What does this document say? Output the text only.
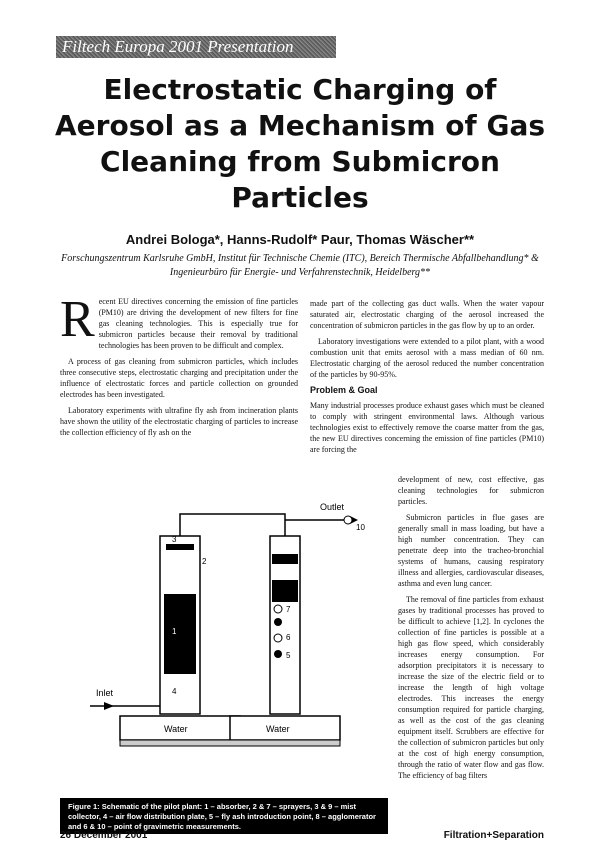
Filtech Europa 2001 Presentation
Electrostatic Charging of Aerosol as a Mechanism of Gas Cleaning from Submicron Particles
Andrei Bologa*, Hanns-Rudolf* Paur, Thomas Wäscher**
Forschungszentrum Karlsruhe GmbH, Institut für Technische Chemie (ITC), Bereich Thermische Abfallbehandlung* & Ingenieurbüro für Energie- und Verfahrenstechnik, Heidelberg**

Recent EU directives concerning the emission of fine particles (PM10) are driving the development of new filters for fine gas cleaning technologies. This is especially true for submicron particles because their removal by traditional technologies has been proven to be difficult and complex.

A process of gas cleaning from submicron particles, which includes three consecutive steps, electrostatic charging and precipitation under the influence of electrostatic forces and particle collection on grounded electrodes has been investigated.

Laboratory experiments with ultrafine fly ash from incineration plants have shown the utility of the electrostatic charging of particles to increase the collection efficiency of fly ash on the

made part of the collecting gas duct walls. When the water vapour saturated air, electrostatic charging of the aerosol increased the concentration of submicron particles in the gas flow by up to an order.

Laboratory investigations were extended to a pilot plant, with a wood combustion unit that emits aerosol with a mass median of 60 nm. Electrostatic charging of the aerosol reduced the number concentration of the particles by 90-95%.

Problem & Goal

Many industrial processes produce exhaust gases which must be cleaned to comply with stringent environmental laws. Although various technologies exist to effectively remove the coarse matter from the gas, the new EU directives concerning the emission of fine particles (PM10) are forcing the

development of new, cost effective, gas cleaning technologies for submicron particles.

Submicron particles in flue gases are generally small in mass loading, but have a high number concentration. They can penetrate deep into the tracheo-bronchial systems of humans, causing respiratory illness and allergies, cardiovascular diseases, asthma and even lung cancer.

The removal of fine particles from exhaust gases by traditional processes has proved to be difficult to achieve [1,2]. In cyclones the collection of fine particles is possible at a high gas flow speed, which considerably increases energy consumption. For adsorption precipitators it is necessary to increase the size of the electric field or to increase the length of high voltage electrodes. This increases the energy consumption required for particle charging, as well as the cost of the gas cleaning equipment itself. Scrubbers are effective for the collection of submicron particles but only at the cost of high energy consumption, through the ratio of water flow and gas flow. The efficiency of bag filters

3
2
1
4
7
9
8
6
5
10
Outlet
Inlet
Water	Water
Figure 1: Schematic of the pilot plant: 1 – absorber, 2 & 7 – sprayers, 3 & 9 – mist collector, 4 – air flow distribution plate, 5 – fly ash introduction point, 8 – agglomerator and 6 & 10 – point of gravimetric measurements.
26 December 2001	Filtration+Separation
